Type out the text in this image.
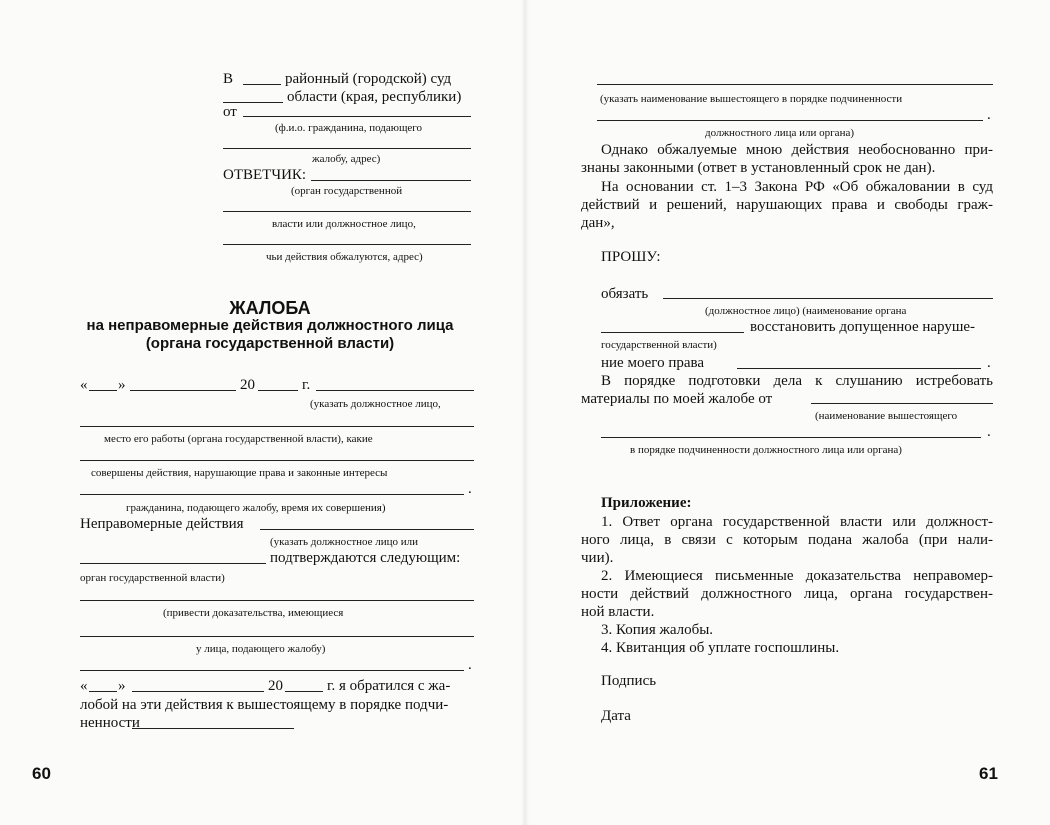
В	районный (городской) суд
области (края, республики)
от
(ф.и.о. гражданина, подающего
жалобу, адрес)
ОТВЕТЧИК:
(орган государственной
власти или должностное лицо,
чьи действия обжалуются, адрес)
ЖАЛОБА
на неправомерные действия должностного лица
(органа государственной власти)
« »	20	г.
(указать должностное лицо,
место его работы (органа государственной власти), какие
совершены действия, нарушающие права и законные интересы
.
гражданина, подающего жалобу, время их совершения)
Неправомерные действия
(указать должностное лицо или
подтверждаются следующим:
орган государственной власти)
(привести доказательства, имеющиеся
у лица, подающего жалобу)
.
« »	20	г. я обратился с жа-
лобой на эти действия к вышестоящему в порядке подчи-
ненности
60
(указать наименование вышестоящего в порядке подчиненности
.
должностного лица или органа)
Однако обжалуемые мною действия необоснованно при-
знаны законными (ответ в установленный срок не дан).
На основании ст. 1–3 Закона РФ «Об обжаловании в суд
действий и решений, нарушающих права и свободы граж-
дан»,
ПРОШУ:
обязать
(должностное лицо) (наименование органа
восстановить допущенное наруше-
государственной власти)
ние моего права	.
В порядке подготовки дела к слушанию истребовать
материалы по моей жалобе от
(наименование вышестоящего
.
в порядке подчиненности должностного лица или органа)
Приложение:
1. Ответ органа государственной власти или должност-
ного лица, в связи с которым подана жалоба (при нали-
чии).
2. Имеющиеся письменные доказательства неправомер-
ности действий должностного лица, органа государствен-
ной власти.
3. Копия жалобы.
4. Квитанция об уплате госпошлины.
Подпись
Дата
61
